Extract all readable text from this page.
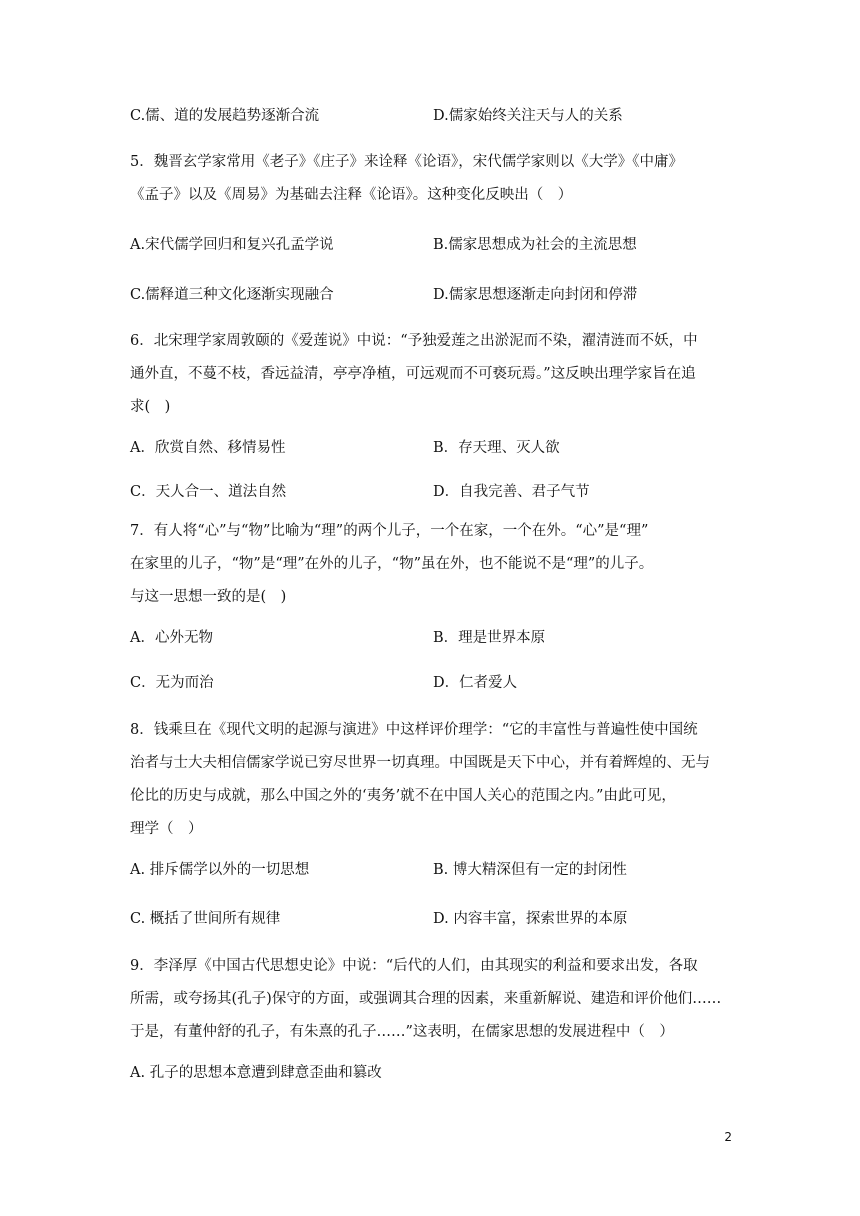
C.儒、道的发展趋势逐渐合流	D.儒家始终关注天与人的关系
5．魏晋玄学家常用《老子》《庄子》来诠释《论语》，宋代儒学家则以《大学》《中庸》
《孟子》以及《周易》为基础去注释《论语》。这种变化反映出（　）
A.宋代儒学回归和复兴孔孟学说	B.儒家思想成为社会的主流思想
C.儒释道三种文化逐渐实现融合	D.儒家思想逐渐走向封闭和停滞
6．北宋理学家周敦颐的《爱莲说》中说：“予独爱莲之出淤泥而不染，濯清涟而不妖，中
通外直，不蔓不枝，香远益清，亭亭净植，可远观而不可亵玩焉。”这反映出理学家旨在追
求(　)
A．欣赏自然、移情易性	B．存天理、灭人欲
C．天人合一、道法自然	D．自我完善、君子气节
7．有人将“心”与“物”比喻为“理”的两个儿子，一个在家，一个在外。“心”是“理”
在家里的儿子，“物”是“理”在外的儿子，“物”虽在外，也不能说不是“理”的儿子。
与这一思想一致的是(　)
A．心外无物	B．理是世界本原
C．无为而治	D．仁者爱人
8．钱乘旦在《现代文明的起源与演进》中这样评价理学：“它的丰富性与普遍性使中国统
治者与士大夫相信儒家学说已穷尽世界一切真理。中国既是天下中心，并有着辉煌的、无与
伦比的历史与成就，那么中国之外的‘夷务’就不在中国人关心的范围之内。”由此可见，
理学（　）
A. 排斥儒学以外的一切思想	B. 博大精深但有一定的封闭性
C. 概括了世间所有规律	D. 内容丰富，探索世界的本原
9．李泽厚《中国古代思想史论》中说：“后代的人们，由其现实的利益和要求出发，各取
所需，或夸扬其(孔子)保守的方面，或强调其合理的因素，来重新解说、建造和评价他们……
于是，有董仲舒的孔子，有朱熹的孔子……”这表明，在儒家思想的发展进程中（　）
A. 孔子的思想本意遭到肆意歪曲和篡改
2
